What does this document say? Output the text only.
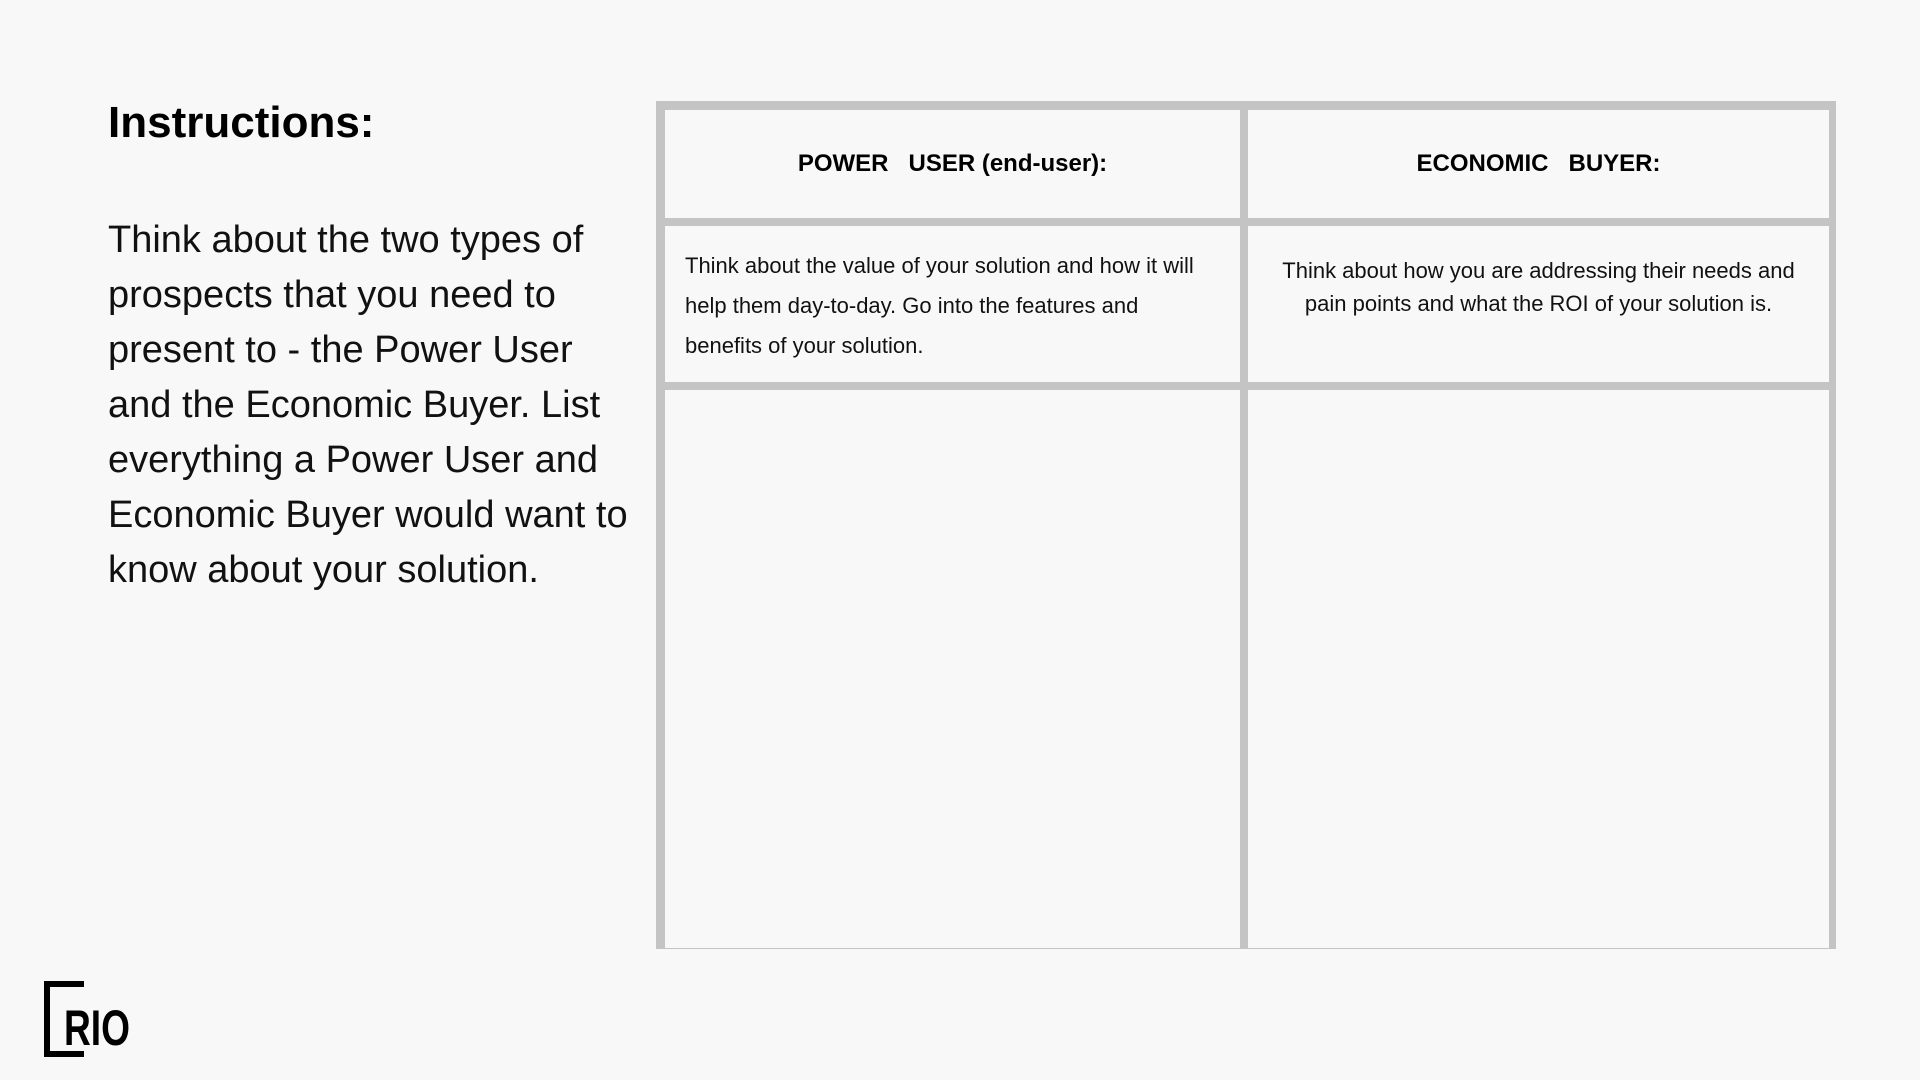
Instructions:

Think about the two types of prospects that you need to present to - the Power User and the Economic Buyer. List everything a Power User and Economic Buyer would want to know about your solution.

POWER   USER (end-user):	ECONOMIC   BUYER:
Think about the value of your solution and how it will help them day-to-day. Go into the features and benefits of your solution.
Think about how you are addressing their needs and pain points and what the ROI of your solution is.
RIO
